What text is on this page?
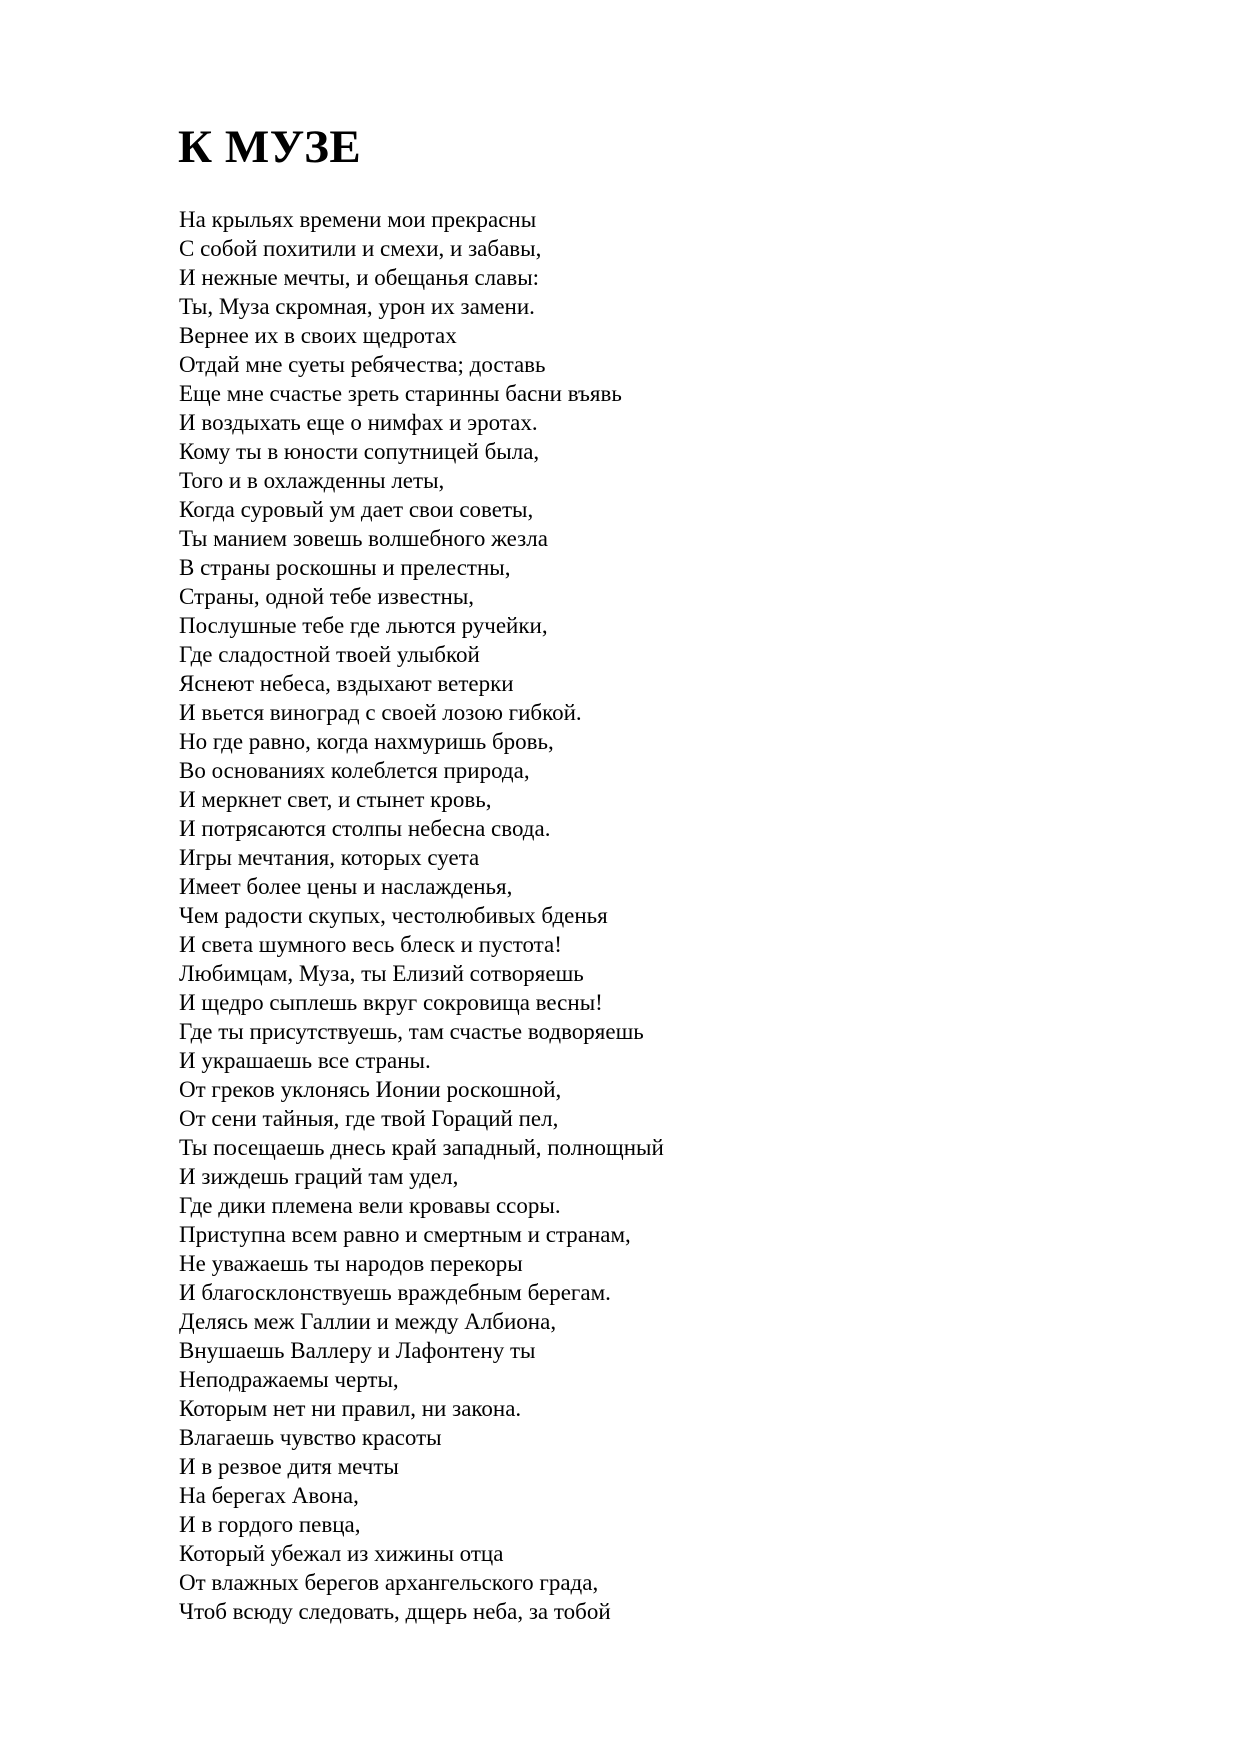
К МУЗЕ
На крыльях времени мои прекрасны
С собой похитили и смехи, и забавы,
И нежные мечты, и обещанья славы:
Ты, Муза скромная, урон их замени.
Вернее их в своих щедротах
Отдай мне суеты ребячества; доставь
Еще мне счастье зреть старинны басни въявь
И воздыхать еще о нимфах и эротах.
Кому ты в юности сопутницей была,
Того и в охлажденны леты,
Когда суровый ум дает свои советы,
Ты манием зовешь волшебного жезла
В страны роскошны и прелестны,
Страны, одной тебе известны,
Послушные тебе где льются ручейки,
Где сладостной твоей улыбкой
Яснеют небеса, вздыхают ветерки
И вьется виноград с своей лозою гибкой.
Но где равно, когда нахмуришь бровь,
Во основаниях колеблется природа,
И меркнет свет, и стынет кровь,
И потрясаются столпы небесна свода.
Игры мечтания, которых суета
Имеет более цены и наслажденья,
Чем радости скупых, честолюбивых бденья
И света шумного весь блеск и пустота!
Любимцам, Муза, ты Елизий сотворяешь
И щедро сыплешь вкруг сокровища весны!
Где ты присутствуешь, там счастье водворяешь
И украшаешь все страны.
От греков уклонясь Ионии роскошной,
От сени тайныя, где твой Гораций пел,
Ты посещаешь днесь край западный, полнощный
И зиждешь граций там удел,
Где дики племена вели кровавы ссоры.
Приступна всем равно и смертным и странам,
Не уважаешь ты народов перекоры
И благосклонствуешь враждебным берегам.
Делясь меж Галлии и между Албиона,
Внушаешь Валлеру и Лафонтену ты
Неподражаемы черты,
Которым нет ни правил, ни закона.
Влагаешь чувство красоты
И в резвое дитя мечты
На берегах Авона,
И в гордого певца,
Который убежал из хижины отца
От влажных берегов архангельского града,
Чтоб всюду следовать, дщерь неба, за тобой
